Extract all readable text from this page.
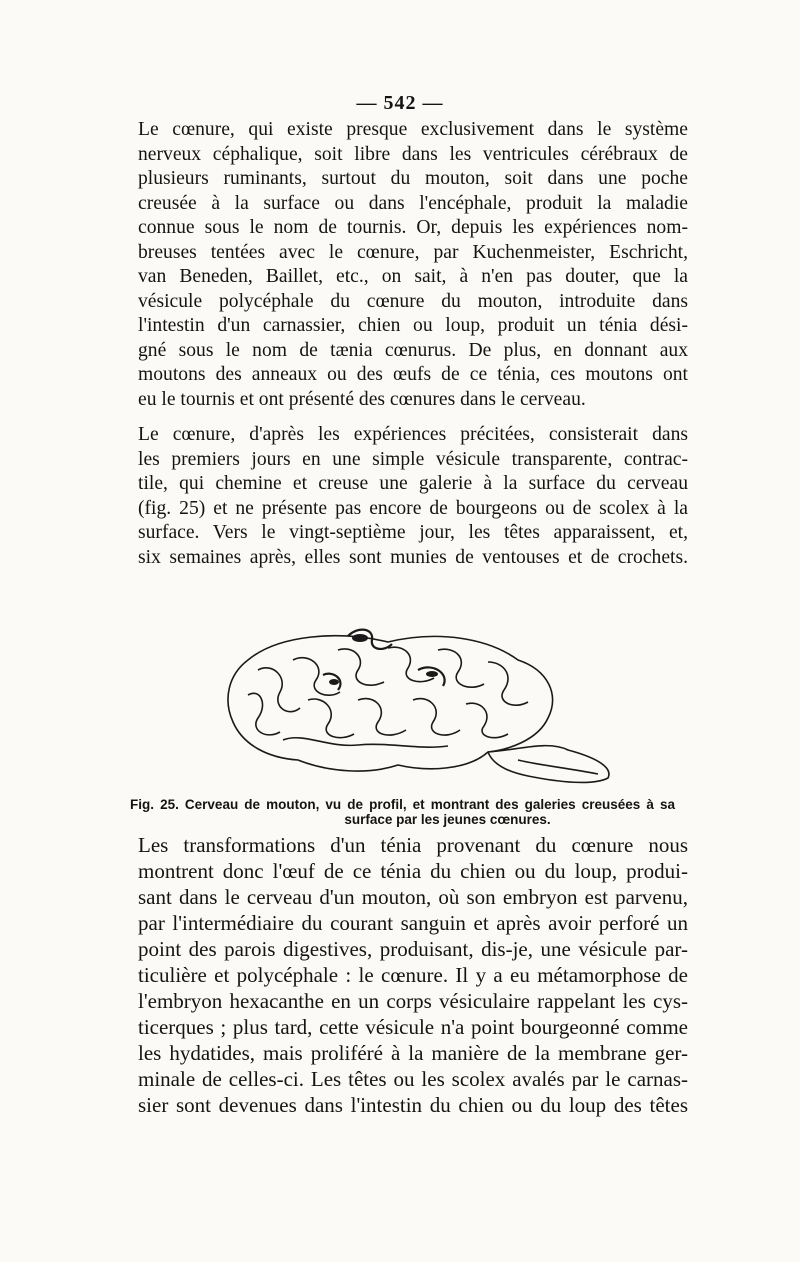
— 542 —

Le cœnure, qui existe presque exclusivement dans le système
nerveux céphalique, soit libre dans les ventricules cérébraux de
plusieurs ruminants, surtout du mouton, soit dans une poche
creusée à la surface ou dans l'encéphale, produit la maladie
connue sous le nom de tournis. Or, depuis les expériences nom-
breuses tentées avec le cœnure, par Kuchenmeister, Eschricht,
van Beneden, Baillet, etc., on sait, à n'en pas douter, que la
vésicule polycéphale du cœnure du mouton, introduite dans
l'intestin d'un carnassier, chien ou loup, produit un ténia dési-
gné sous le nom de tænia cœnurus. De plus, en donnant aux
moutons des anneaux ou des œufs de ce ténia, ces moutons ont
eu le tournis et ont présenté des cœnures dans le cerveau.

Le cœnure, d'après les expériences précitées, consisterait dans
les premiers jours en une simple vésicule transparente, contrac-
tile, qui chemine et creuse une galerie à la surface du cerveau
(fig. 25) et ne présente pas encore de bourgeons ou de scolex à la
surface. Vers le vingt-septième jour, les têtes apparaissent, et,
six semaines après, elles sont munies de ventouses et de crochets.

Fig. 25. Cerveau de mouton, vu de profil, et montrant des galeries creusées à sa
surface par les jeunes cœnures.

Les transformations d'un ténia provenant du cœnure nous
montrent donc l'œuf de ce ténia du chien ou du loup, produi-
sant dans le cerveau d'un mouton, où son embryon est parvenu,
par l'intermédiaire du courant sanguin et après avoir perforé un
point des parois digestives, produisant, dis-je, une vésicule par-
ticulière et polycéphale : le cœnure. Il y a eu métamorphose de
l'embryon hexacanthe en un corps vésiculaire rappelant les cys-
ticerques ; plus tard, cette vésicule n'a point bourgeonné comme
les hydatides, mais proliféré à la manière de la membrane ger-
minale de celles-ci. Les têtes ou les scolex avalés par le carnas-
sier sont devenues dans l'intestin du chien ou du loup des têtes
